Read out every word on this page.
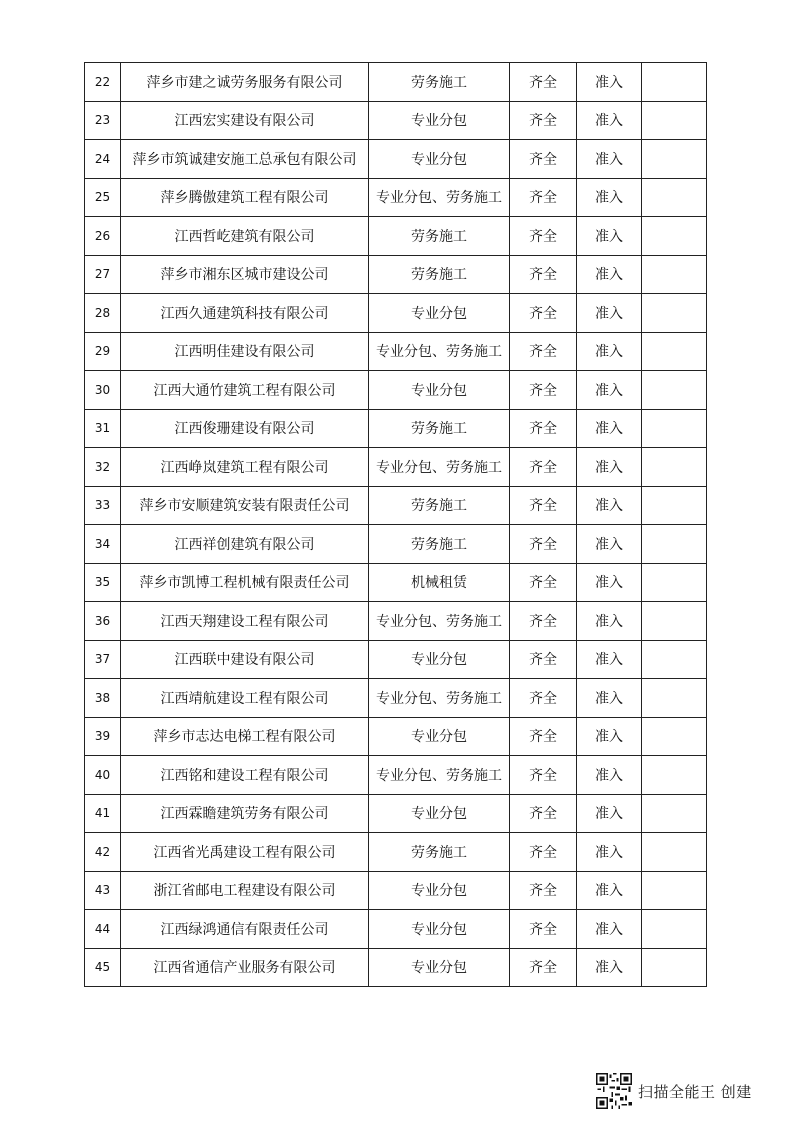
22	萍乡市建之诚劳务服务有限公司	劳务施工	齐全	准入	
23	江西宏实建设有限公司	专业分包	齐全	准入	
24	萍乡市筑诚建安施工总承包有限公司	专业分包	齐全	准入	
25	萍乡腾傲建筑工程有限公司	专业分包、劳务施工	齐全	准入	
26	江西哲屹建筑有限公司	劳务施工	齐全	准入	
27	萍乡市湘东区城市建设公司	劳务施工	齐全	准入	
28	江西久通建筑科技有限公司	专业分包	齐全	准入	
29	江西明佳建设有限公司	专业分包、劳务施工	齐全	准入	
30	江西大通竹建筑工程有限公司	专业分包	齐全	准入	
31	江西俊珊建设有限公司	劳务施工	齐全	准入	
32	江西峥岚建筑工程有限公司	专业分包、劳务施工	齐全	准入	
33	萍乡市安顺建筑安装有限责任公司	劳务施工	齐全	准入	
34	江西祥创建筑有限公司	劳务施工	齐全	准入	
35	萍乡市凯博工程机械有限责任公司	机械租赁	齐全	准入	
36	江西天翔建设工程有限公司	专业分包、劳务施工	齐全	准入	
37	江西联中建设有限公司	专业分包	齐全	准入	
38	江西靖航建设工程有限公司	专业分包、劳务施工	齐全	准入	
39	萍乡市志达电梯工程有限公司	专业分包	齐全	准入	
40	江西铭和建设工程有限公司	专业分包、劳务施工	齐全	准入	
41	江西霖瞻建筑劳务有限公司	专业分包	齐全	准入	
42	江西省光禹建设工程有限公司	劳务施工	齐全	准入	
43	浙江省邮电工程建设有限公司	专业分包	齐全	准入	
44	江西绿鸿通信有限责任公司	专业分包	齐全	准入	
45	江西省通信产业服务有限公司	专业分包	齐全	准入	
扫描全能王 创建
